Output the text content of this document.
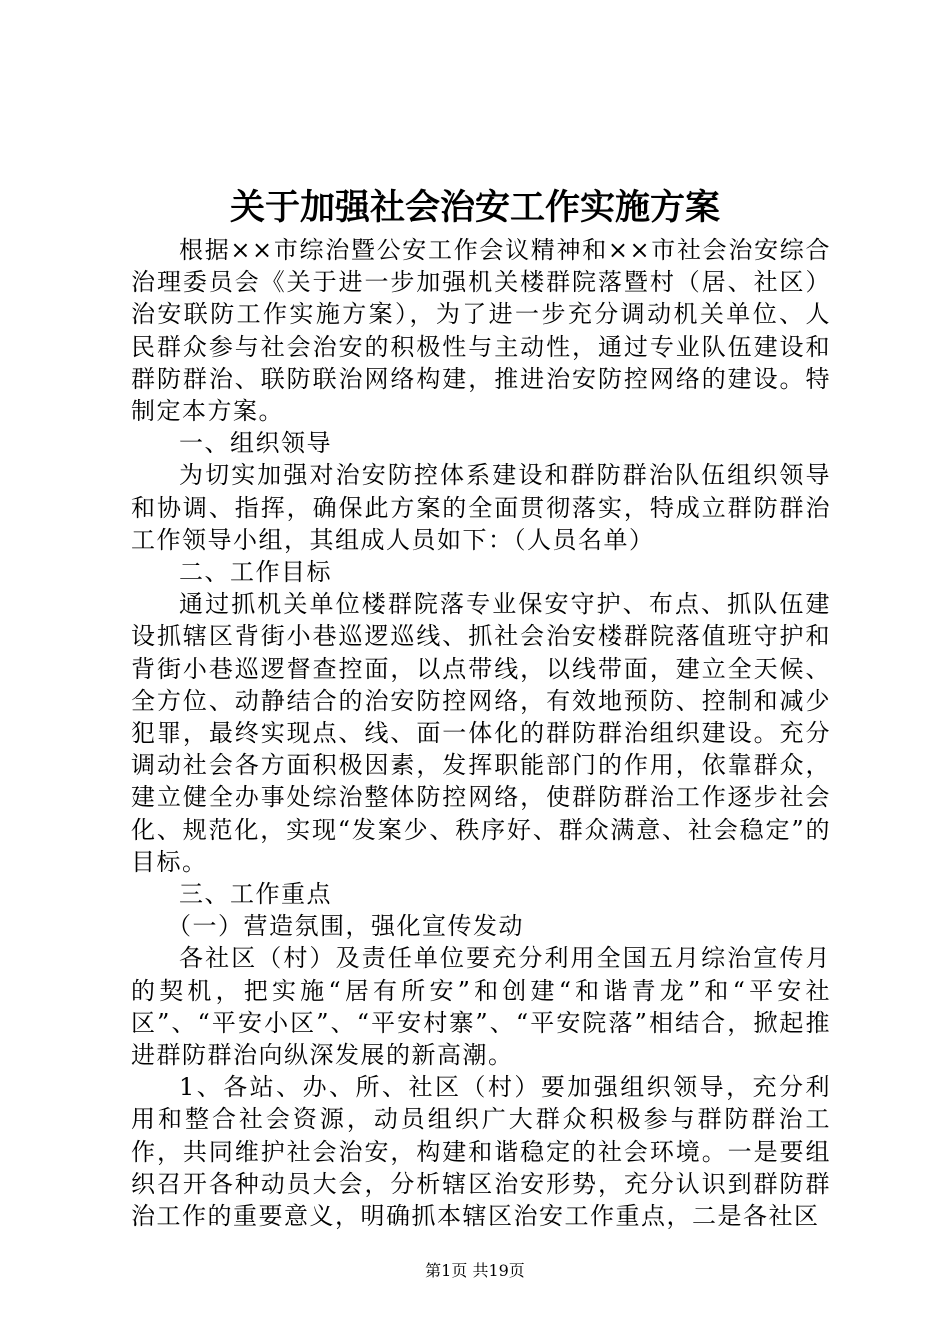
关于加强社会治安工作实施方案

根据××市综治暨公安工作会议精神和××市社会治安综合治理委员会《关于进一步加强机关楼群院落暨村（居、社区）治安联防工作实施方案），为了进一步充分调动机关单位、人民群众参与社会治安的积极性与主动性，通过专业队伍建设和群防群治、联防联治网络构建，推进治安防控网络的建设。特制定本方案。

一、组织领导

为切实加强对治安防控体系建设和群防群治队伍组织领导和协调、指挥，确保此方案的全面贯彻落实，特成立群防群治工作领导小组，其组成人员如下：（人员名单）

二、工作目标

通过抓机关单位楼群院落专业保安守护、布点、抓队伍建设抓辖区背街小巷巡逻巡线、抓社会治安楼群院落值班守护和背街小巷巡逻督查控面，以点带线，以线带面，建立全天候、全方位、动静结合的治安防控网络，有效地预防、控制和减少犯罪，最终实现点、线、面一体化的群防群治组织建设。充分调动社会各方面积极因素，发挥职能部门的作用，依靠群众，建立健全办事处综治整体防控网络，使群防群治工作逐步社会化、规范化，实现“发案少、秩序好、群众满意、社会稳定”的目标。

三、工作重点

（一）营造氛围，强化宣传发动

各社区（村）及责任单位要充分利用全国五月综治宣传月的契机，把实施“居有所安”和创建“和谐青龙”和“平安社区”、“平安小区”、“平安村寨”、“平安院落”相结合，掀起推进群防群治向纵深发展的新高潮。

1、各站、办、所、社区（村）要加强组织领导，充分利用和整合社会资源，动员组织广大群众积极参与群防群治工作，共同维护社会治安，构建和谐稳定的社会环境。一是要组织召开各种动员大会，分析辖区治安形势，充分认识到群防群治工作的重要意义，明确抓本辖区治安工作重点，二是各社区

第1页 共19页
